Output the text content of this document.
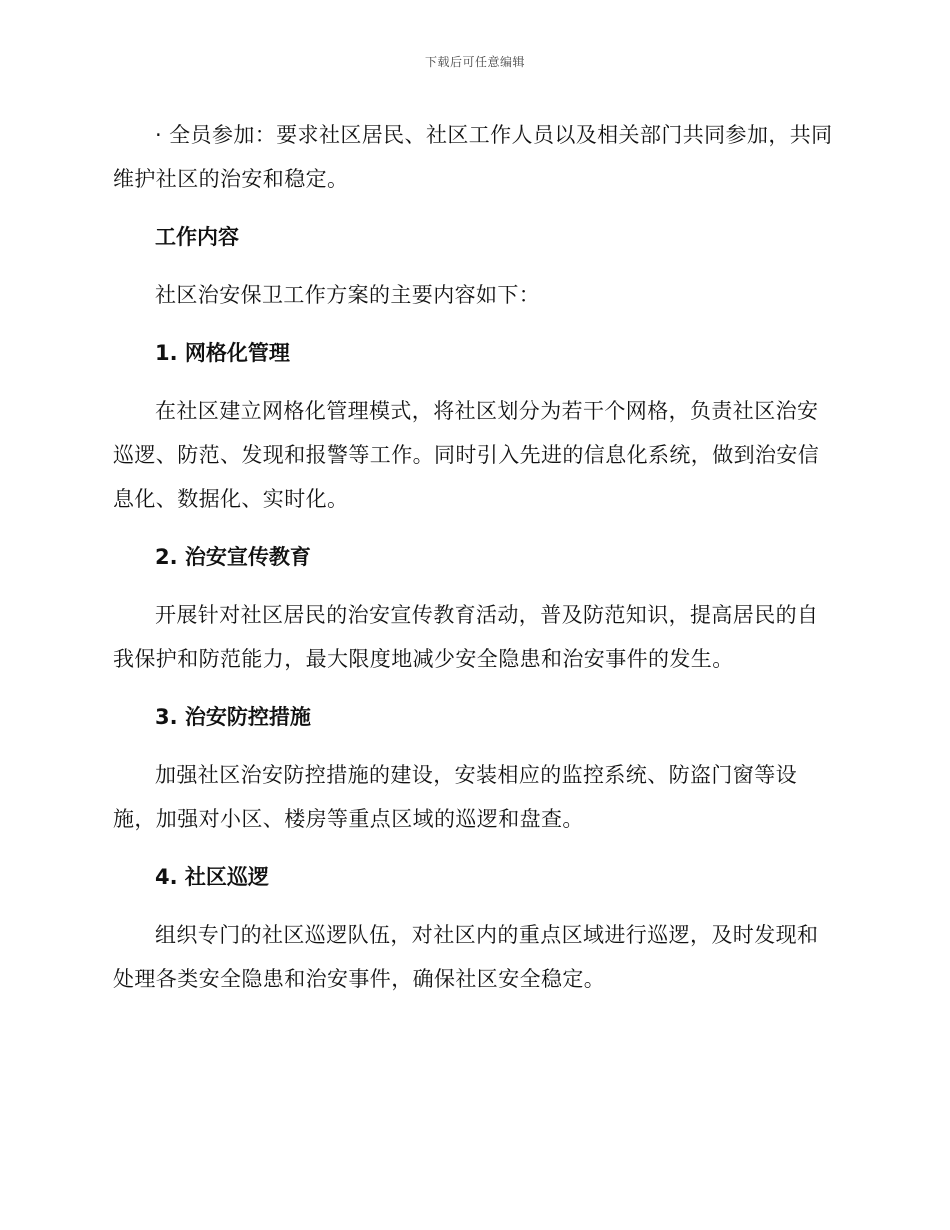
下载后可任意编辑

· 全员参加：要求社区居民、社区工作人员以及相关部门共同参加，共同维护社区的治安和稳定。

工作内容

社区治安保卫工作方案的主要内容如下：

1. 网格化管理

在社区建立网格化管理模式，将社区划分为若干个网格，负责社区治安巡逻、防范、发现和报警等工作。同时引入先进的信息化系统，做到治安信息化、数据化、实时化。

2. 治安宣传教育

开展针对社区居民的治安宣传教育活动，普及防范知识，提高居民的自我保护和防范能力，最大限度地减少安全隐患和治安事件的发生。

3. 治安防控措施

加强社区治安防控措施的建设，安装相应的监控系统、防盗门窗等设施，加强对小区、楼房等重点区域的巡逻和盘查。

4. 社区巡逻

组织专门的社区巡逻队伍，对社区内的重点区域进行巡逻，及时发现和处理各类安全隐患和治安事件，确保社区安全稳定。
